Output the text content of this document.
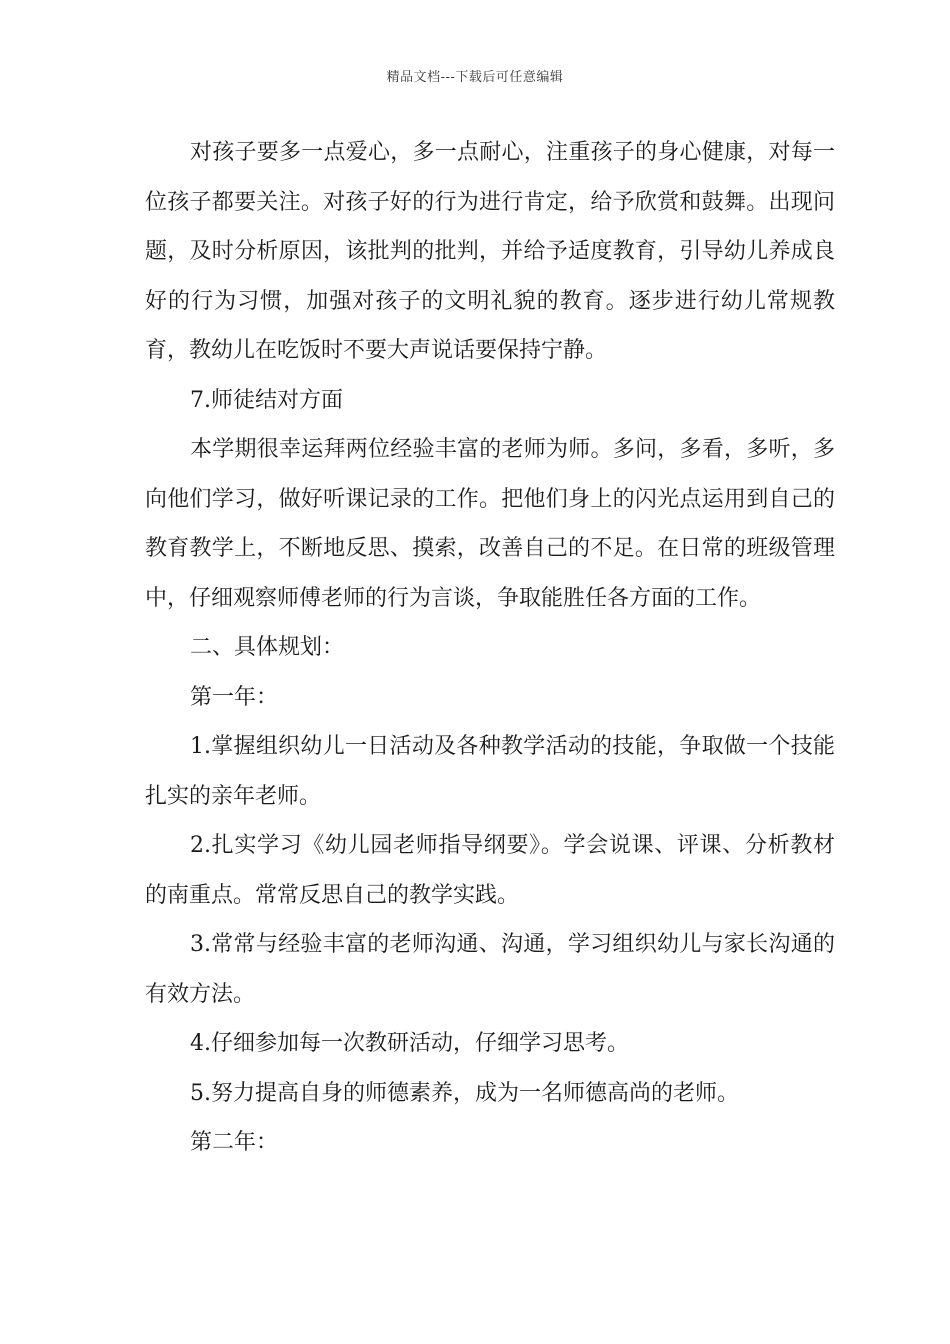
精品文档---下载后可任意编辑

对孩子要多一点爱心，多一点耐心，注重孩子的身心健康，对每一位孩子都要关注。对孩子好的行为进行肯定，给予欣赏和鼓舞。出现问题，及时分析原因，该批判的批判，并给予适度教育，引导幼儿养成良好的行为习惯，加强对孩子的文明礼貌的教育。逐步进行幼儿常规教育，教幼儿在吃饭时不要大声说话要保持宁静。

7.师徒结对方面

本学期很幸运拜两位经验丰富的老师为师。多问，多看，多听，多向他们学习，做好听课记录的工作。把他们身上的闪光点运用到自己的教育教学上，不断地反思、摸索，改善自己的不足。在日常的班级管理中，仔细观察师傅老师的行为言谈，争取能胜任各方面的工作。

二、具体规划：

第一年：

1.掌握组织幼儿一日活动及各种教学活动的技能，争取做一个技能扎实的亲年老师。

2.扎实学习《幼儿园老师指导纲要》。学会说课、评课、分析教材的南重点。常常反思自己的教学实践。

3.常常与经验丰富的老师沟通、沟通，学习组织幼儿与家长沟通的有效方法。

4.仔细参加每一次教研活动，仔细学习思考。

5.努力提高自身的师德素养，成为一名师德高尚的老师。

第二年：
